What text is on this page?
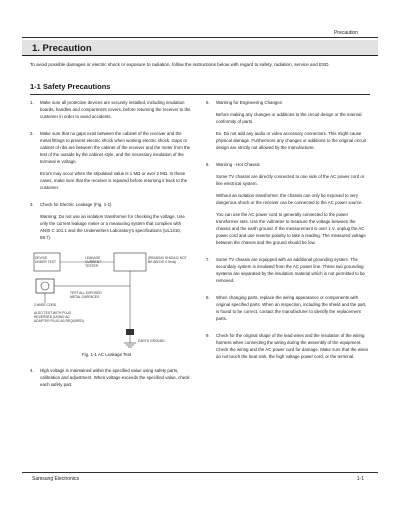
Precaution
1. Precaution
To avoid possible damages or electric shock or exposure to radiation, follow the instructions below with regard to safety, radiation, service and ESD.
1-1 Safety Precautions
1.	Make sure all protective devices are securely installed, including insulation boards, handles and compartment covers, before returning the receiver to the customer in order to avoid accidents.

2.	Make sure that no gaps exist between the cabinet of the receiver and the metal fittings to prevent electric shock when working electric shock. Gaps or cabinet of ribs are between the cabinet of the receiver and the meter from the test of the outside by the cabinet style, and the necessary insulation of the terminal in voltage.

Errors may occur when the stipulated value is 1 MΩ or over 2 MΩ. In these cases, make sure that the receiver is repaired before returning it back to the customer.

3.	Check for Electric Leakage (Fig. 1-1)

Warning: Do not use an isolation transformer for checking the voltage. Use only the current leakage meter or a measuring system that complies with ANSI C 101.1 and the Underwriters Laboratory's specifications (UL1410, 59.7).

DEVICE UNDER TEST
LEAKAGE CURRENT TESTER
(READING SHOULD NOT BE ABOVE 0.5mA)
TEST ALL EXPOSED METAL SURFACES
2-WIRE CORD
ALSO TEST WITH PLUG REVERSED (USING AC ADAPTER PLUG AS REQUIRED)
EARTH GROUND
Fig. 1-1 AC Leakage Test
4.	High voltage is maintained within the specified value using safety parts, calibration and adjustment. When voltage exceeds the specified value, check each safety part.

5.	Warning for Engineering Changes

Before making any changes or additions to the circuit design or the internal conformity of parts.

Ex. Do not add any audio or video accessory connectors. This might cause physical damage. Furthermore any changes or additions to the original circuit design are strictly not allowed by the manufacturer.

6.	Warning - Hot Chassis

Some TV chassis are directly connected to one side of the AC power cord or line electrical system.

Without an isolation transformer, the chassis can only be exposed to very dangerous shock or the receiver can be connected to the AC power source.

You can use the AC power cord to generally connected to the power transformer sets. Use the voltmeter to measure the voltage between the chassis and the earth ground. If the measurement is over 1 V, unplug the AC power cord and use reverse polarity to take a reading. The measured voltage between the chassis and the ground should be low.

7.	Some TV chassis are equipped with an additional grounding system. The secondary system is insulated from the AC power line. These two grounding systems are separated by the insulation material which is not permitted to be removed.

8.	When changing parts, replace the wiring appearance or components with original specified parts. When an inspection, including the shield and the part, is found to be correct, contact the manufacturer to identify the replacement parts.

9.	Check for the original shape of the lead wires and the insulation of the wiring harness when connecting the wiring during the assembly of the equipment. Check the wiring and the AC power cord for damage. Make sure that the wires do not touch the heat sink, the high voltage power cord, or the terminal.

Samsung Electronics	1-1
